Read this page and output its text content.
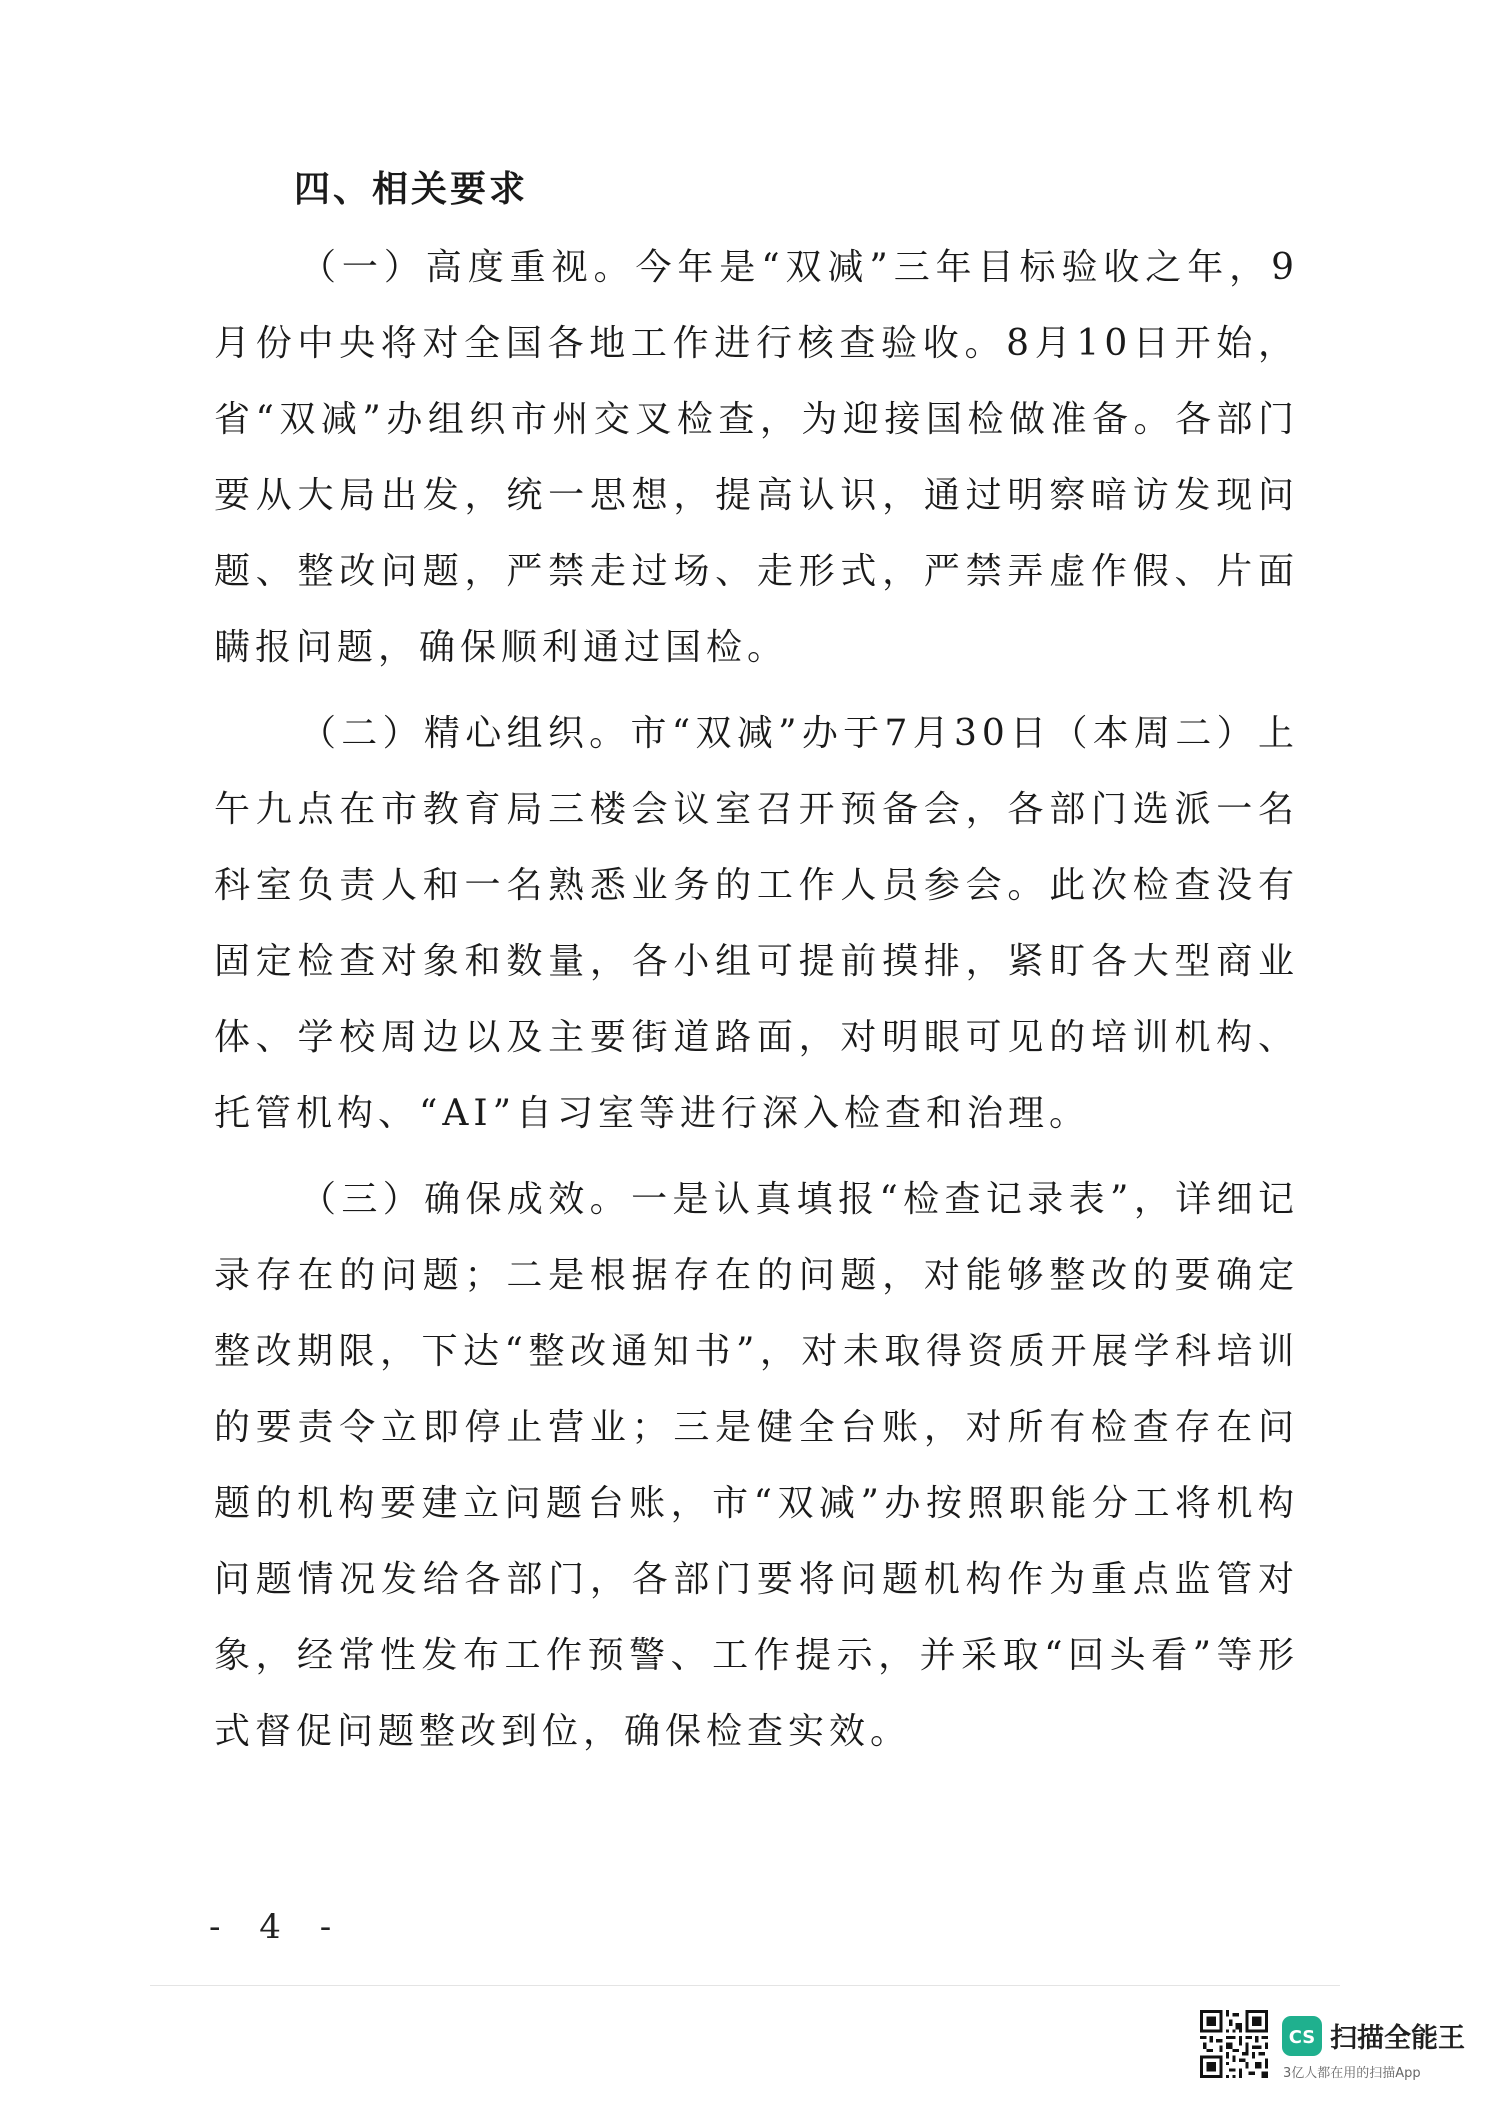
四、相关要求

（一）高度重视。今年是“双减”三年目标验收之年，9月份中央将对全国各地工作进行核查验收。8月10日开始，省“双减”办组织市州交叉检查，为迎接国检做准备。各部门要从大局出发，统一思想，提高认识，通过明察暗访发现问题、整改问题，严禁走过场、走形式，严禁弄虚作假、片面瞒报问题，确保顺利通过国检。

（二）精心组织。市“双减”办于7月30日（本周二）上午九点在市教育局三楼会议室召开预备会，各部门选派一名科室负责人和一名熟悉业务的工作人员参会。此次检查没有固定检查对象和数量，各小组可提前摸排，紧盯各大型商业体、学校周边以及主要街道路面，对明眼可见的培训机构、托管机构、“AI”自习室等进行深入检查和治理。

（三）确保成效。一是认真填报“检查记录表”，详细记录存在的问题；二是根据存在的问题，对能够整改的要确定整改期限，下达“整改通知书”，对未取得资质开展学科培训的要责令立即停止营业；三是健全台账，对所有检查存在问题的机构要建立问题台账，市“双减”办按照职能分工将机构问题情况发给各部门，各部门要将问题机构作为重点监管对象，经常性发布工作预警、工作提示，并采取“回头看”等形式督促问题整改到位，确保检查实效。

- 4 -
CS 扫描全能王
3亿人都在用的扫描App
